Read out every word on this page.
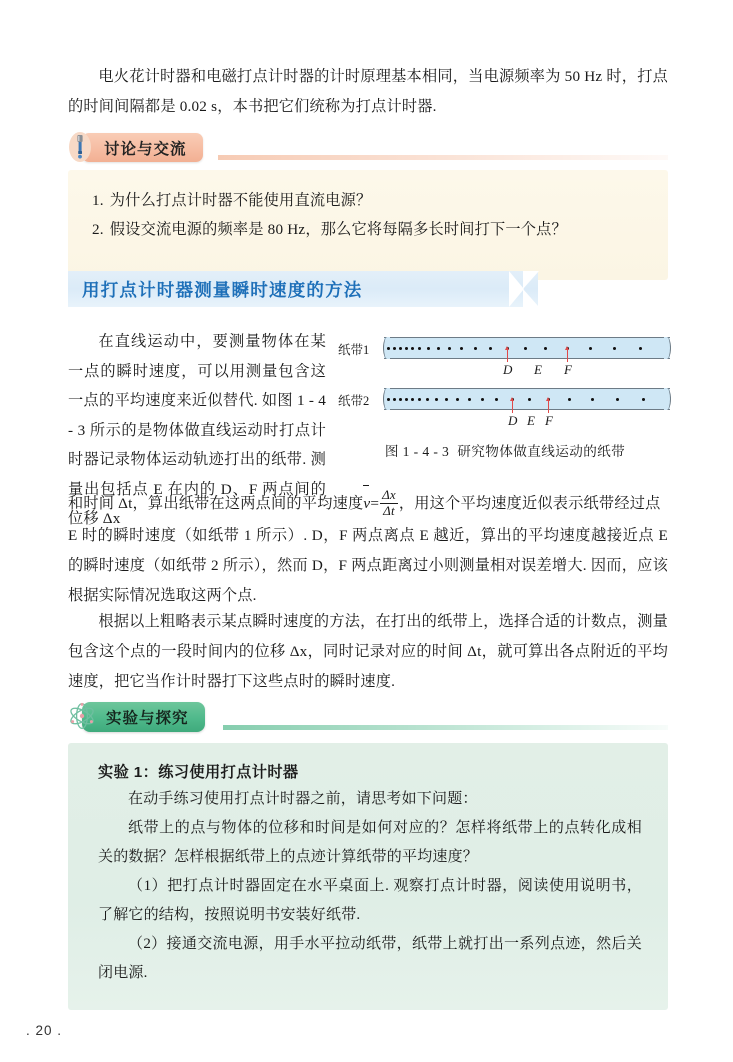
电火花计时器和电磁打点计时器的计时原理基本相同，当电源频率为 50 Hz 时，打点的时间间隔都是 0.02 s，本书把它们统称为打点计时器.
讨论与交流
1. 为什么打点计时器不能使用直流电源？
2. 假设交流电源的频率是 80 Hz，那么它将每隔多长时间打下一个点？
用打点计时器测量瞬时速度的方法
在直线运动中，要测量物体在某一点的瞬时速度，可以用测量包含这一点的平均速度来近似替代. 如图 1 - 4 - 3 所示的是物体做直线运动时打点计时器记录物体运动轨迹打出的纸带. 测量出包括点 E 在内的 D、F 两点间的位移 Δx
纸带1
D E F
纸带2
D E F
图 1 - 4 - 3 研究物体做直线运动的纸带
和时间 Δt，算出纸带在这两点间的平均速度$v= \frac{\Delta x}{\Delta t}$ ，用这个平均速度近似表示纸带经过点
E 时的瞬时速度（如纸带 1 所示）. D，F 两点离点 E 越近，算出的平均速度越接近点 E 的瞬时速度（如纸带 2 所示），然而 D，F 两点距离过小则测量相对误差增大. 因而，应该根据实际情况选取这两个点.
根据以上粗略表示某点瞬时速度的方法，在打出的纸带上，选择合适的计数点，测量包含这个点的一段时间内的位移 Δx，同时记录对应的时间 Δt，就可算出各点附近的平均速度，把它当作计时器打下这些点时的瞬时速度.
实验与探究
实验 1：练习使用打点计时器
在动手练习使用打点计时器之前，请思考如下问题：
纸带上的点与物体的位移和时间是如何对应的？怎样将纸带上的点转化成相关的数据？怎样根据纸带上的点迹计算纸带的平均速度？
（1）把打点计时器固定在水平桌面上. 观察打点计时器，阅读使用说明书，了解它的结构，按照说明书安装好纸带.
（2）接通交流电源，用手水平拉动纸带，纸带上就打出一系列点迹，然后关闭电源.
. 20 .
